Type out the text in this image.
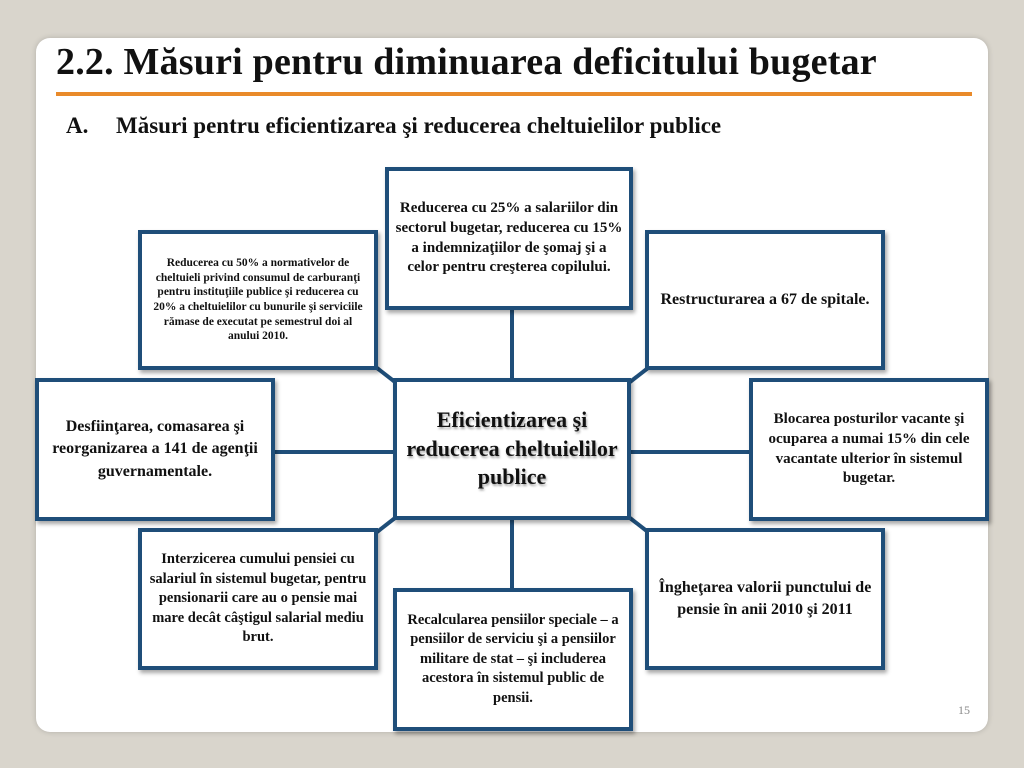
2.2. Măsuri pentru diminuarea deficitului bugetar
A. Măsuri pentru eficientizarea şi reducerea cheltuielilor publice
Reducerea cu 25% a salariilor din sectorul bugetar, reducerea cu 15% a indemnizaţiilor de şomaj şi a celor pentru creşterea copilului.
Reducerea cu 50% a normativelor de cheltuieli privind consumul de carburanţi pentru instituţiile publice şi reducerea cu 20% a cheltuielilor cu bunurile şi serviciile rămase de executat pe semestrul doi al anului 2010.
Restructurarea a 67 de spitale.
Desfiinţarea, comasarea şi reorganizarea a 141 de agenţii guvernamentale.
Eficientizarea şi reducerea cheltuielilor publice
Blocarea posturilor vacante şi ocuparea a numai 15% din cele vacantate ulterior în sistemul bugetar.
Interzicerea cumului pensiei cu salariul în sistemul bugetar, pentru pensionarii care au o pensie mai mare decât câştigul salarial mediu brut.
Recalcularea pensiilor speciale – a pensiilor de serviciu şi a pensiilor militare de stat – şi includerea acestora în sistemul public de pensii.
Îngheţarea valorii punctului de pensie în anii 2010 şi 2011
15
